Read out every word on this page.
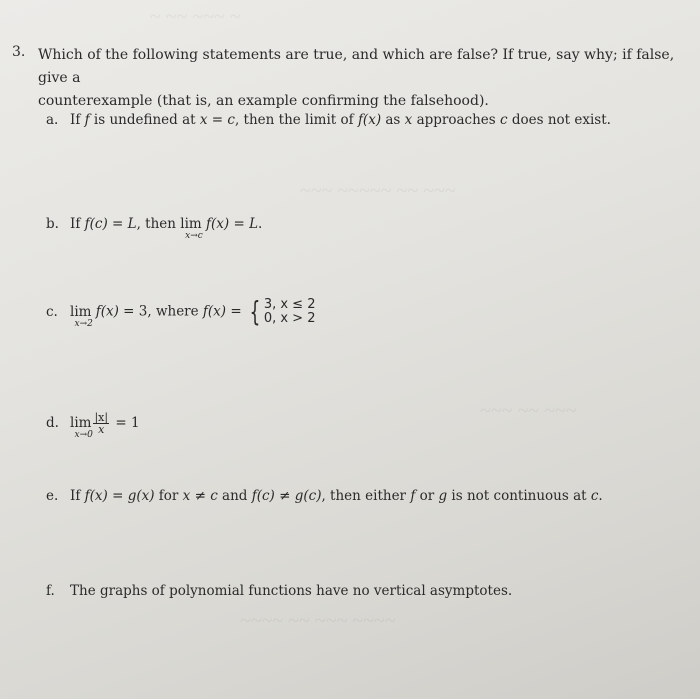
~ ~~ ~~~ ~
~~~ ~~~~~ ~~ ~~~
~~~ ~~ ~~~
~~~~ ~~ ~~~ ~~~~
3. Which of the following statements are true, and which are false? If true, say why; if false, give a
counterexample (that is, an example confirming the falsehood).
a. If f is undefined at x = c, then the limit of f(x) as x approaches c does not exist.
b. If f(c) = L, then lim
x→c
f(x) = L.
c. lim
x→2
f(x) = 3, where f(x) = { 3, x ≤ 2
0, x > 2
d. lim
$x\to 0 \frac{|x|}{x} = 1$
e. If f(x) = g(x) for x ≠ c and f(c) ≠ g(c), then either f or g is not continuous at c.
f. The graphs of polynomial functions have no vertical asymptotes.
